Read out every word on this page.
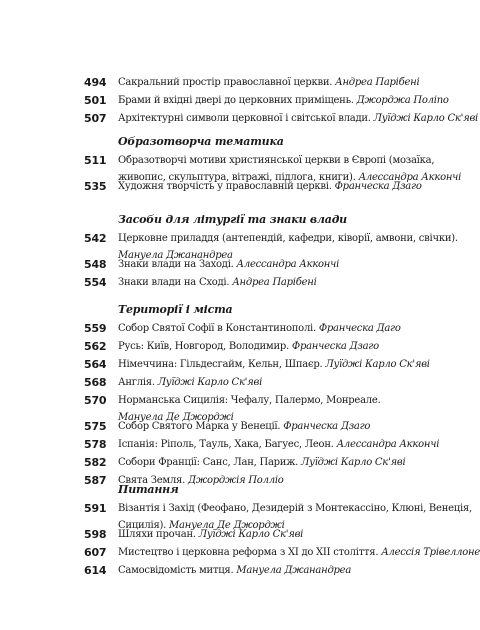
494 Сакральний простір православної церкви. Андреа Парібені
501 Брами й вхідні двері до церковних приміщень. Джорджа Поліпо
507 Архітектурні символи церковної і світської влади. Луїджі Карло Ск'яві
Образотворча тематика
511 Образотворчі мотиви християнської церкви в Європі (мозаїка,
живопис, скульптура, вітражі, підлога, книги). Алессандра Аккончі
535 Художня творчість у православній церкві. Франческа Дзаго
Засоби для літургії та знаки влади
542 Церковне приладдя (антепендій, кафедри, ківорії, амвони, свічки).
Мануела Джанандреа
548 Знаки влади на Заході. Алессандра Аккончі
554 Знаки влади на Сході. Андреа Парібені
Території і міста
559 Собор Святої Софії в Константинополі. Франческа Даго
562 Русь: Київ, Новгород, Володимир. Франческа Дзаго
564 Німеччина: Гільдесгайм, Кельн, Шпаєр. Луїджі Карло Ск'яві
568 Англія. Луїджі Карло Ск'яві
570 Норманська Сицилія: Чефалу, Палермо, Монреале.
Мануела Де Джорджі
575 Собор Святого Марка у Венеції. Франческа Дзаго
578 Іспанія: Ріполь, Тауль, Хака, Багуес, Леон. Алессандра Аккончі
582 Собори Франції: Санс, Лан, Париж. Луїджі Карло Ск'яві
587 Свята Земля. Джорджія Полліо
Питання
591 Візантія і Захід (Феофано, Дезидерій з Монтекассіно, Клюні, Венеція,
Сицилія). Мануела Де Джорджі
598 Шляхи прочан. Луїджі Карло Ск'яві
607 Мистецтво і церковна реформа з XI до XII століття. Алессія Трівеллоне
614 Самосвідомість митця. Мануела Джанандреа
